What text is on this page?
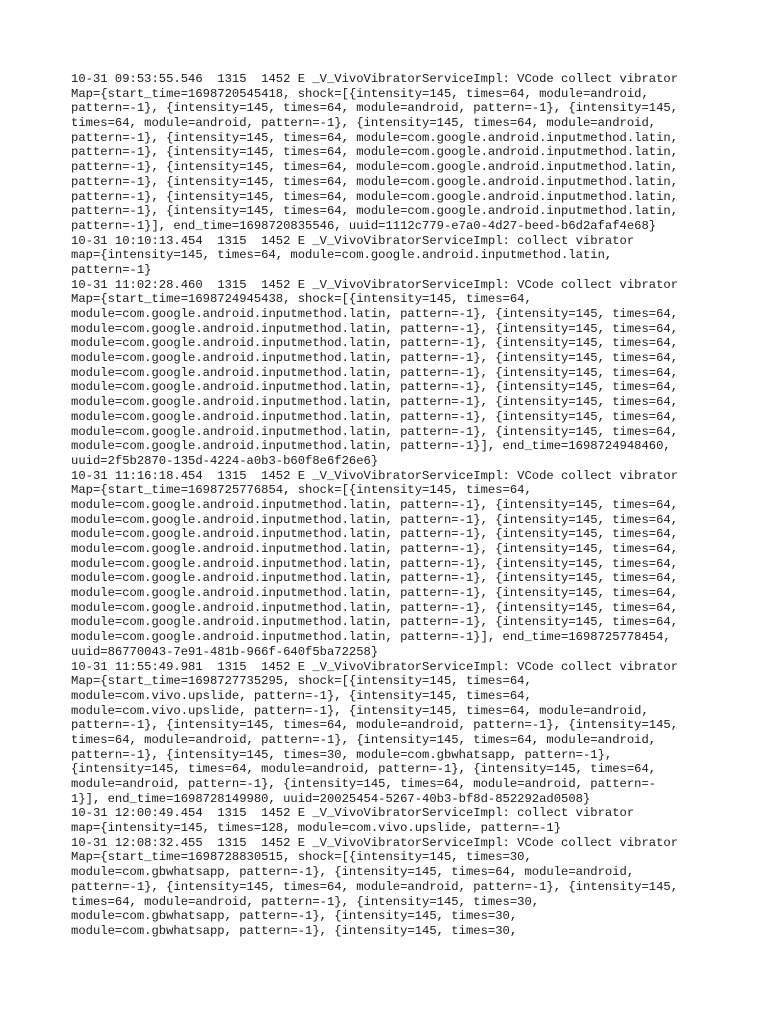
10-31 09:53:55.546  1315  1452 E _V_VivoVibratorServiceImpl: VCode collect vibrator
Map={start_time=1698720545418, shock=[{intensity=145, times=64, module=android,
pattern=-1}, {intensity=145, times=64, module=android, pattern=-1}, {intensity=145,
times=64, module=android, pattern=-1}, {intensity=145, times=64, module=android,
pattern=-1}, {intensity=145, times=64, module=com.google.android.inputmethod.latin,
pattern=-1}, {intensity=145, times=64, module=com.google.android.inputmethod.latin,
pattern=-1}, {intensity=145, times=64, module=com.google.android.inputmethod.latin,
pattern=-1}, {intensity=145, times=64, module=com.google.android.inputmethod.latin,
pattern=-1}, {intensity=145, times=64, module=com.google.android.inputmethod.latin,
pattern=-1}, {intensity=145, times=64, module=com.google.android.inputmethod.latin,
pattern=-1}], end_time=1698720835546, uuid=1112c779-e7a0-4d27-beed-b6d2afaf4e68}
10-31 10:10:13.454  1315  1452 E _V_VivoVibratorServiceImpl: collect vibrator
map={intensity=145, times=64, module=com.google.android.inputmethod.latin,
pattern=-1}
10-31 11:02:28.460  1315  1452 E _V_VivoVibratorServiceImpl: VCode collect vibrator
Map={start_time=1698724945438, shock=[{intensity=145, times=64,
module=com.google.android.inputmethod.latin, pattern=-1}, {intensity=145, times=64,
module=com.google.android.inputmethod.latin, pattern=-1}, {intensity=145, times=64,
module=com.google.android.inputmethod.latin, pattern=-1}, {intensity=145, times=64,
module=com.google.android.inputmethod.latin, pattern=-1}, {intensity=145, times=64,
module=com.google.android.inputmethod.latin, pattern=-1}, {intensity=145, times=64,
module=com.google.android.inputmethod.latin, pattern=-1}, {intensity=145, times=64,
module=com.google.android.inputmethod.latin, pattern=-1}, {intensity=145, times=64,
module=com.google.android.inputmethod.latin, pattern=-1}, {intensity=145, times=64,
module=com.google.android.inputmethod.latin, pattern=-1}, {intensity=145, times=64,
module=com.google.android.inputmethod.latin, pattern=-1}], end_time=1698724948460,
uuid=2f5b2870-135d-4224-a0b3-b60f8e6f26e6}
10-31 11:16:18.454  1315  1452 E _V_VivoVibratorServiceImpl: VCode collect vibrator
Map={start_time=1698725776854, shock=[{intensity=145, times=64,
module=com.google.android.inputmethod.latin, pattern=-1}, {intensity=145, times=64,
module=com.google.android.inputmethod.latin, pattern=-1}, {intensity=145, times=64,
module=com.google.android.inputmethod.latin, pattern=-1}, {intensity=145, times=64,
module=com.google.android.inputmethod.latin, pattern=-1}, {intensity=145, times=64,
module=com.google.android.inputmethod.latin, pattern=-1}, {intensity=145, times=64,
module=com.google.android.inputmethod.latin, pattern=-1}, {intensity=145, times=64,
module=com.google.android.inputmethod.latin, pattern=-1}, {intensity=145, times=64,
module=com.google.android.inputmethod.latin, pattern=-1}, {intensity=145, times=64,
module=com.google.android.inputmethod.latin, pattern=-1}, {intensity=145, times=64,
module=com.google.android.inputmethod.latin, pattern=-1}], end_time=1698725778454,
uuid=86770043-7e91-481b-966f-640f5ba72258}
10-31 11:55:49.981  1315  1452 E _V_VivoVibratorServiceImpl: VCode collect vibrator
Map={start_time=1698727735295, shock=[{intensity=145, times=64,
module=com.vivo.upslide, pattern=-1}, {intensity=145, times=64,
module=com.vivo.upslide, pattern=-1}, {intensity=145, times=64, module=android,
pattern=-1}, {intensity=145, times=64, module=android, pattern=-1}, {intensity=145,
times=64, module=android, pattern=-1}, {intensity=145, times=64, module=android,
pattern=-1}, {intensity=145, times=30, module=com.gbwhatsapp, pattern=-1},
{intensity=145, times=64, module=android, pattern=-1}, {intensity=145, times=64,
module=android, pattern=-1}, {intensity=145, times=64, module=android, pattern=-
1}], end_time=1698728149980, uuid=20025454-5267-40b3-bf8d-852292ad0508}
10-31 12:00:49.454  1315  1452 E _V_VivoVibratorServiceImpl: collect vibrator
map={intensity=145, times=128, module=com.vivo.upslide, pattern=-1}
10-31 12:08:32.455  1315  1452 E _V_VivoVibratorServiceImpl: VCode collect vibrator
Map={start_time=1698728830515, shock=[{intensity=145, times=30,
module=com.gbwhatsapp, pattern=-1}, {intensity=145, times=64, module=android,
pattern=-1}, {intensity=145, times=64, module=android, pattern=-1}, {intensity=145,
times=64, module=android, pattern=-1}, {intensity=145, times=30,
module=com.gbwhatsapp, pattern=-1}, {intensity=145, times=30,
module=com.gbwhatsapp, pattern=-1}, {intensity=145, times=30,
